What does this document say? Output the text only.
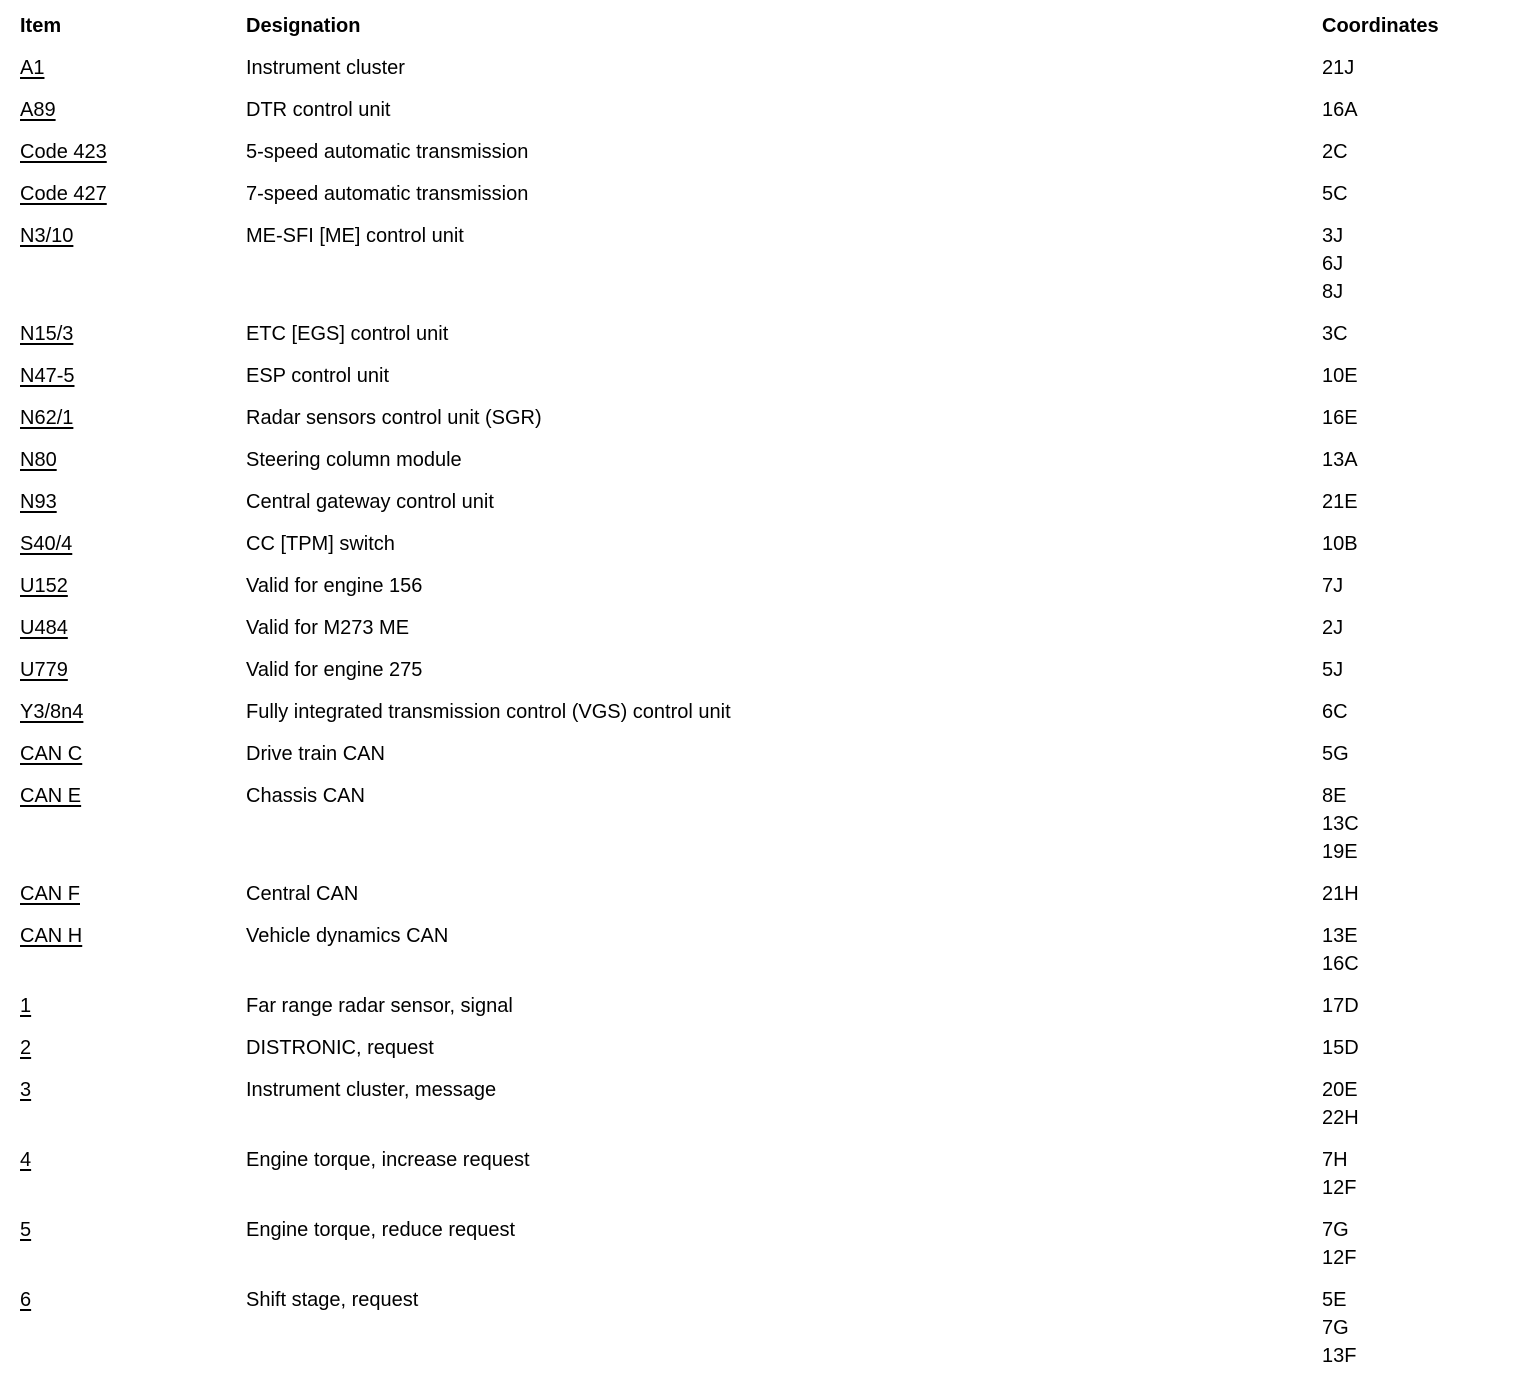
Item	Designation	Coordinates
A1	Instrument cluster	21J
A89	DTR control unit	16A
Code 423	5-speed automatic transmission	2C
Code 427	7-speed automatic transmission	5C
N3/10	ME-SFI [ME] control unit	3J
6J
8J
N15/3	ETC [EGS] control unit	3C
N47-5	ESP control unit	10E
N62/1	Radar sensors control unit (SGR)	16E
N80	Steering column module	13A
N93	Central gateway control unit	21E
S40/4	CC [TPM] switch	10B
U152	Valid for engine 156	7J
U484	Valid for M273 ME	2J
U779	Valid for engine 275	5J
Y3/8n4	Fully integrated transmission control (VGS) control unit	6C
CAN C	Drive train CAN	5G
CAN E	Chassis CAN	8E
13C
19E
CAN F	Central CAN	21H
CAN H	Vehicle dynamics CAN	13E
16C
1	Far range radar sensor, signal	17D
2	DISTRONIC, request	15D
3	Instrument cluster, message	20E
22H
4	Engine torque, increase request	7H
12F
5	Engine torque, reduce request	7G
12F
6	Shift stage, request	5E
7G
13F
